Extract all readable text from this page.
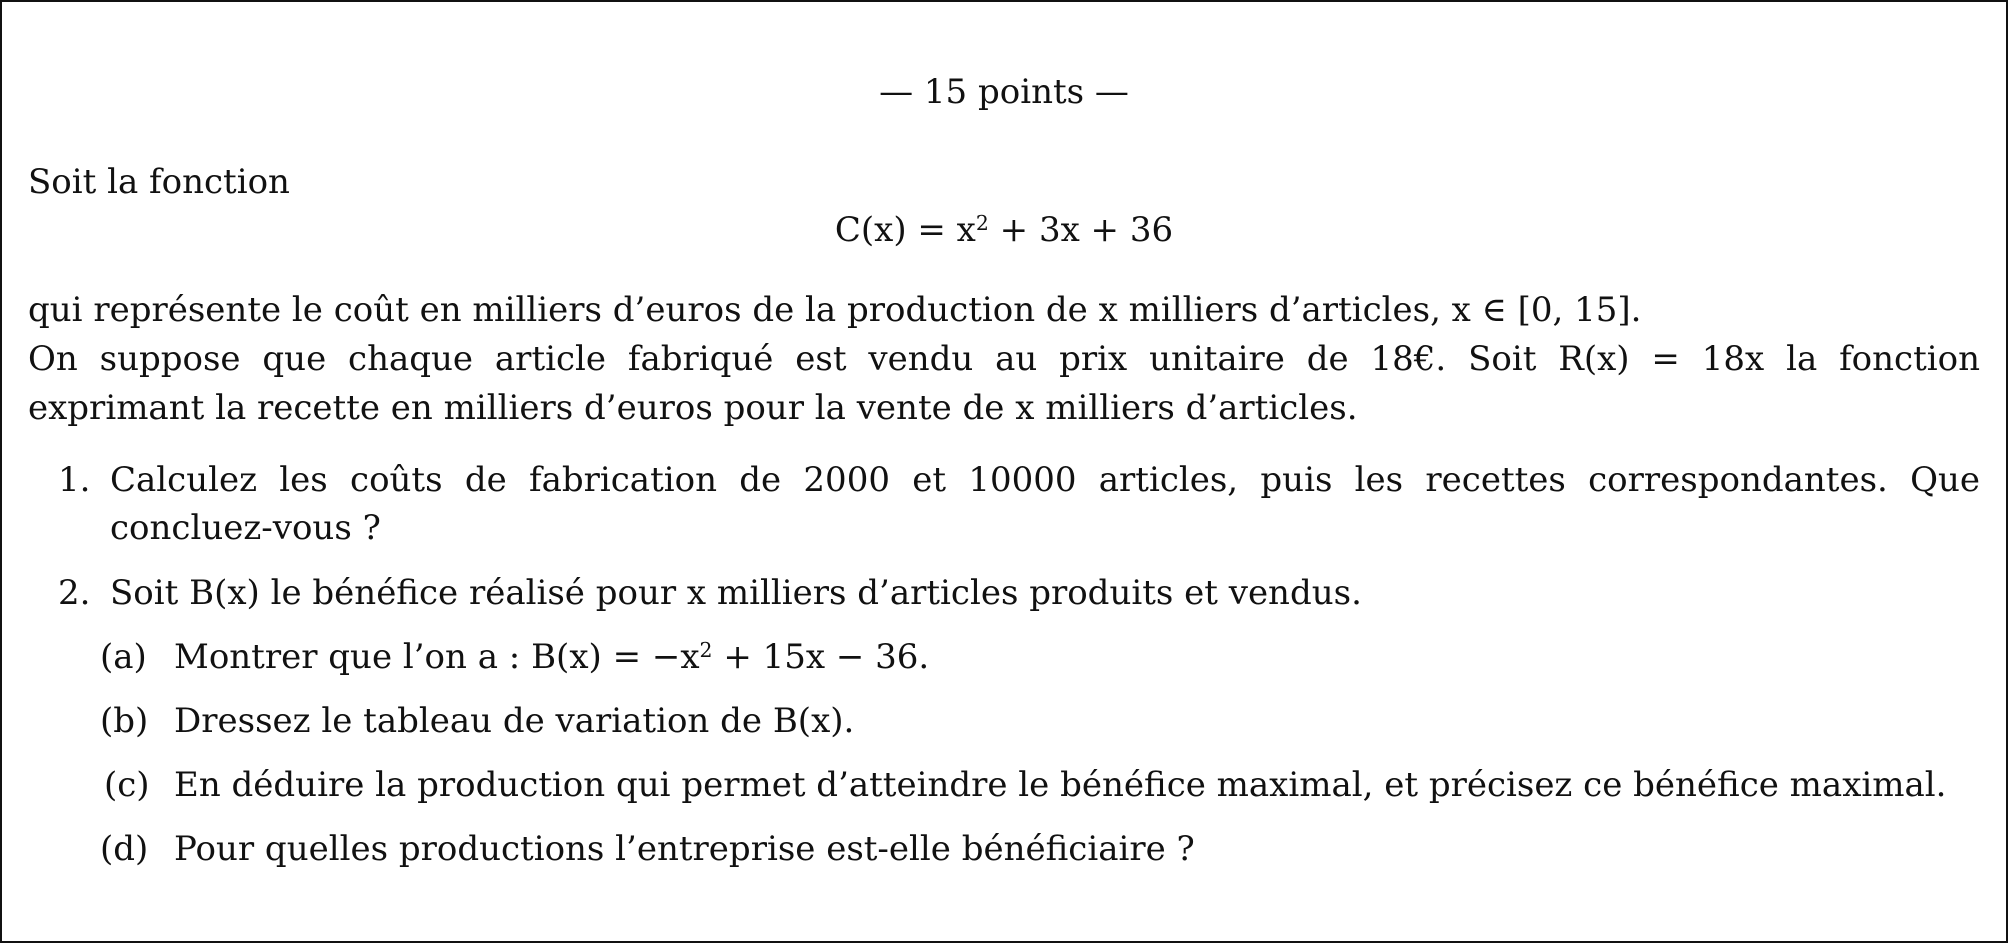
— 15 points —
Soit la fonction
$C(x) = x^2 + 3x + 36$
qui représente le coût en milliers d’euros de la production de x milliers d’articles, x ∈ [0, 15].
On suppose que chaque article fabriqué est vendu au prix unitaire de 18€. Soit R(x) = 18x la fonction
exprimant la recette en milliers d’euros pour la vente de x milliers d’articles.
1. Calculez les coûts de fabrication de 2000 et 10000 articles, puis les recettes correspondantes. Que
concluez-vous ?
2. Soit B(x) le bénéfice réalisé pour x milliers d’articles produits et vendus.
(a) Montrer que l’on a : $B(x) = -x^2 + 15x - 36$.
(b) Dressez le tableau de variation de B(x).
(c) En déduire la production qui permet d’atteindre le bénéfice maximal, et précisez ce bénéfice maximal.
(d) Pour quelles productions l’entreprise est-elle bénéficiaire ?
